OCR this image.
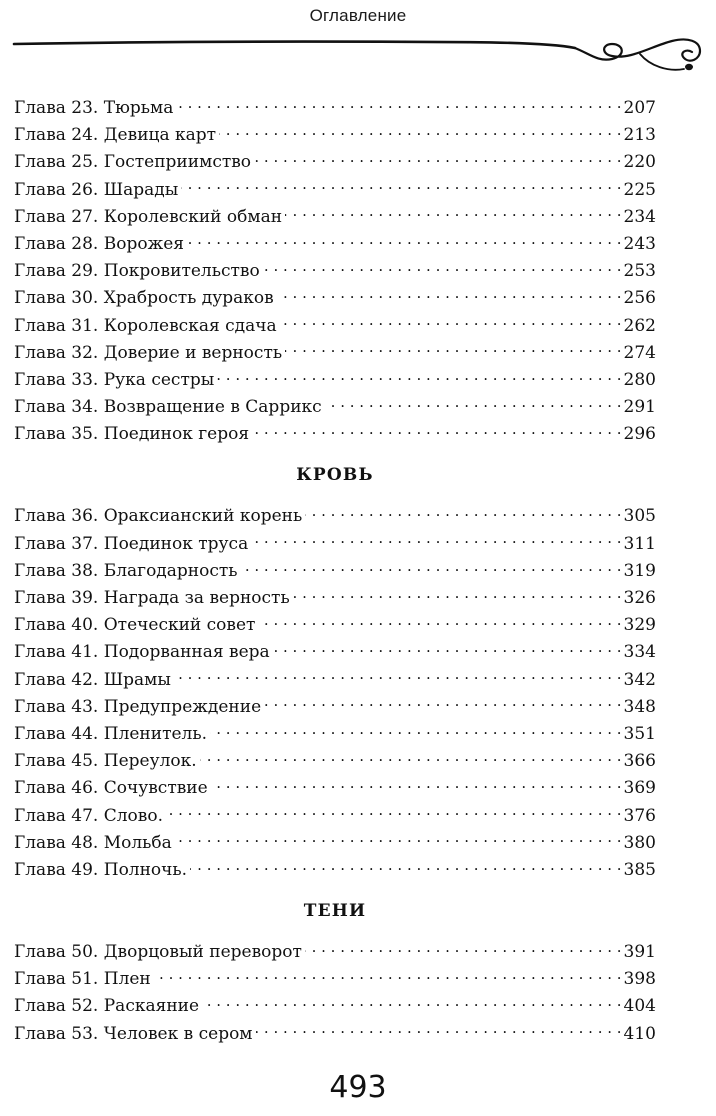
Оглавление
Глава 23. Тюрьма . . .	207
Глава 24. Девица карт . . .	213
Глава 25. Гостеприимство . . .	220
Глава 26. Шарады . . .	225
Глава 27. Королевский обман . . .	234
Глава 28. Ворожея . . .	243
Глава 29. Покровительство . . .	253
Глава 30. Храбрость дураков . . .	256
Глава 31. Королевская сдача . . .	262
Глава 32. Доверие и верность . . .	274
Глава 33. Рука сестры . . .	280
Глава 34. Возвращение в Саррикс . . .	291
Глава 35. Поединок героя . . .	296
КРОВЬ
Глава 36. Ораксианский корень . . .	305
Глава 37. Поединок труса . . .	311
Глава 38. Благодарность . . .	319
Глава 39. Награда за верность . . .	326
Глава 40. Отеческий совет . . .	329
Глава 41. Подорванная вера . . .	334
Глава 42. Шрамы . . .	342
Глава 43. Предупреждение . . .	348
Глава 44. Пленитель. . . .	351
Глава 45. Переулок. . . .	366
Глава 46. Сочувствие . . .	369
Глава 47. Слово. . . .	376
Глава 48. Мольба . . .	380
Глава 49. Полночь. . . .	385
ТЕНИ
Глава 50. Дворцовый переворот . . .	391
Глава 51. Плен . . .	398
Глава 52. Раскаяние . . .	404
Глава 53. Человек в сером . . .	410
493
